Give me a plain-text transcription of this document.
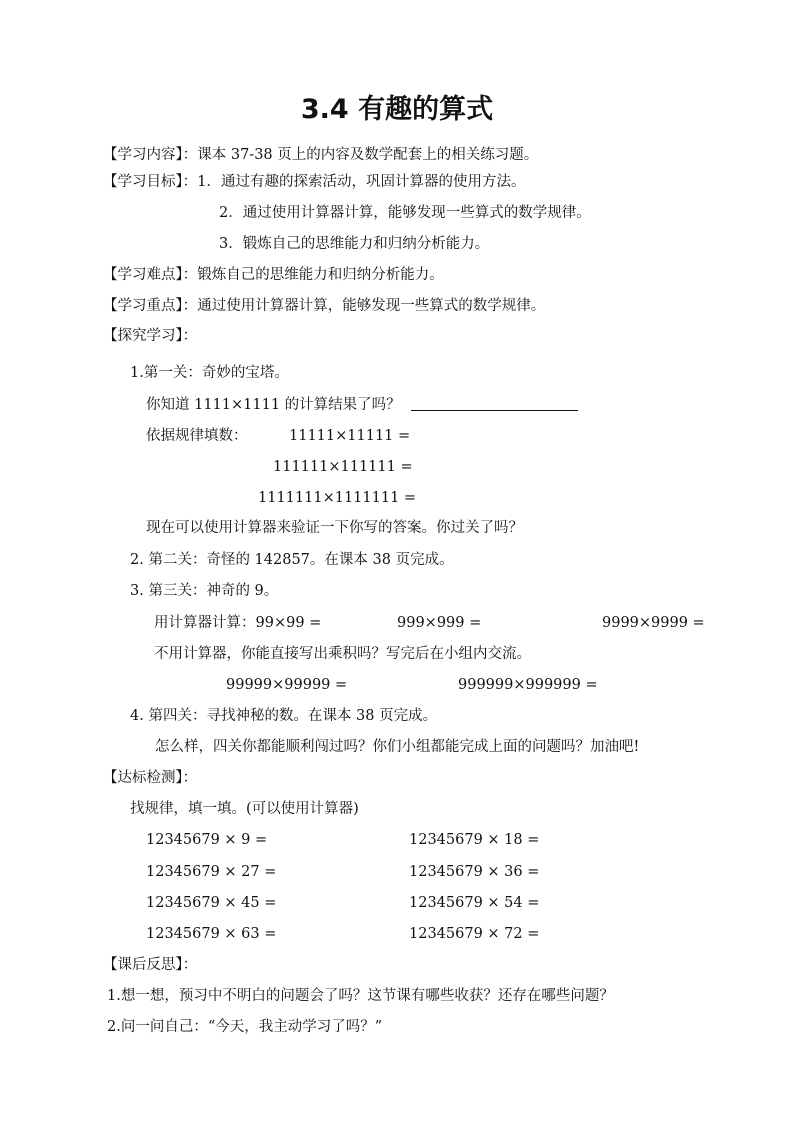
3.4 有趣的算式
【学习内容】：课本 37-38 页上的内容及数学配套上的相关练习题。
【学习目标】：1．通过有趣的探索活动，巩固计算器的使用方法。
2．通过使用计算器计算，能够发现一些算式的数学规律。
3．锻炼自己的思维能力和归纳分析能力。
【学习难点】：锻炼自己的思维能力和归纳分析能力。
【学习重点】：通过使用计算器计算，能够发现一些算式的数学规律。
【探究学习】：
1.第一关：奇妙的宝塔。
你知道 1111×1111 的计算结果了吗？
依据规律填数：	11111×11111 =
111111×111111 =
1111111×1111111 =
现在可以使用计算器来验证一下你写的答案。你过关了吗？
2. 第二关：奇怪的 142857。在课本 38 页完成。
3. 第三关：神奇的 9。
用计算器计算：99×99 =	999×999 =	9999×9999 =
不用计算器，你能直接写出乘积吗？写完后在小组内交流。
99999×99999 =	999999×999999 =
4. 第四关：寻找神秘的数。在课本 38 页完成。
怎么样，四关你都能顺利闯过吗？你们小组都能完成上面的问题吗？加油吧!
【达标检测】：
找规律，填一填。(可以使用计算器)
12345679 × 9 =	12345679 × 18 =
12345679 × 27 =	12345679 × 36 =
12345679 × 45 =	12345679 × 54 =
12345679 × 63 =	12345679 × 72 =
【课后反思】：
1.想一想，预习中不明白的问题会了吗？这节课有哪些收获？还存在哪些问题？
2.问一问自己：“今天，我主动学习了吗？”
